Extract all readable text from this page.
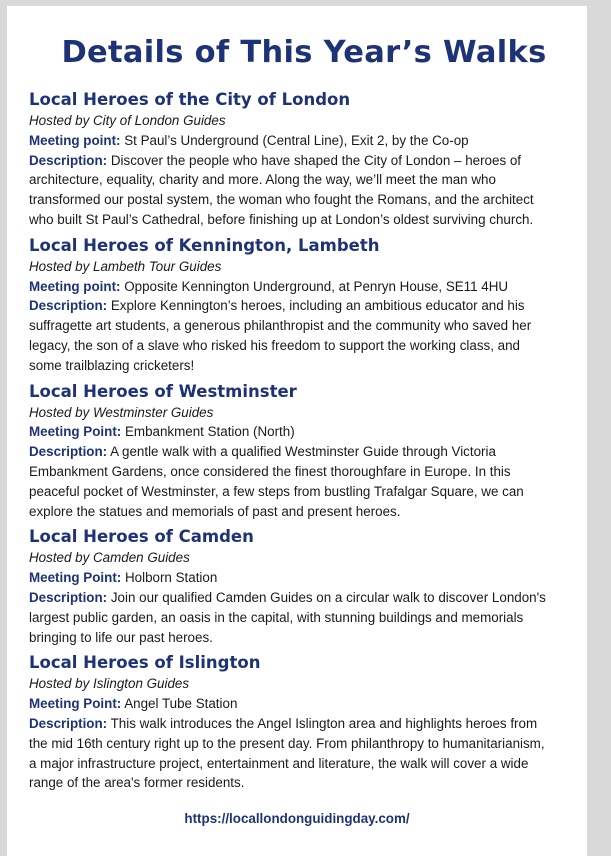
Details of This Year’s Walks
Local Heroes of the City of London

Hosted by City of London Guides

Meeting point: St Paul’s Underground (Central Line), Exit 2, by the Co-op

Description: Discover the people who have shaped the City of London – heroes of
architecture, equality, charity and more. Along the way, we’ll meet the man who
transformed our postal system, the woman who fought the Romans, and the architect
who built St Paul’s Cathedral, before finishing up at London’s oldest surviving church.
Local Heroes of Kennington, Lambeth

Hosted by Lambeth Tour Guides

Meeting point: Opposite Kennington Underground, at Penryn House, SE11 4HU

Description: Explore Kennington’s heroes, including an ambitious educator and his
suffragette art students, a generous philanthropist and the community who saved her
legacy, the son of a slave who risked his freedom to support the working class, and
some trailblazing cricketers!
Local Heroes of Westminster

Hosted by Westminster Guides

Meeting Point: Embankment Station (North)

Description: A gentle walk with a qualified Westminster Guide through Victoria
Embankment Gardens, once considered the finest thoroughfare in Europe. In this
peaceful pocket of Westminster, a few steps from bustling Trafalgar Square, we can
explore the statues and memorials of past and present heroes.
Local Heroes of Camden

Hosted by Camden Guides

Meeting Point: Holborn Station

Description: Join our qualified Camden Guides on a circular walk to discover London's
largest public garden, an oasis in the capital, with stunning buildings and memorials
bringing to life our past heroes.
Local Heroes of Islington

Hosted by Islington Guides

Meeting Point: Angel Tube Station

Description: This walk introduces the Angel Islington area and highlights heroes from
the mid 16th century right up to the present day. From philanthropy to humanitarianism,
a major infrastructure project, entertainment and literature, the walk will cover a wide
range of the area's former residents.
https://locallondonguidingday.com/
